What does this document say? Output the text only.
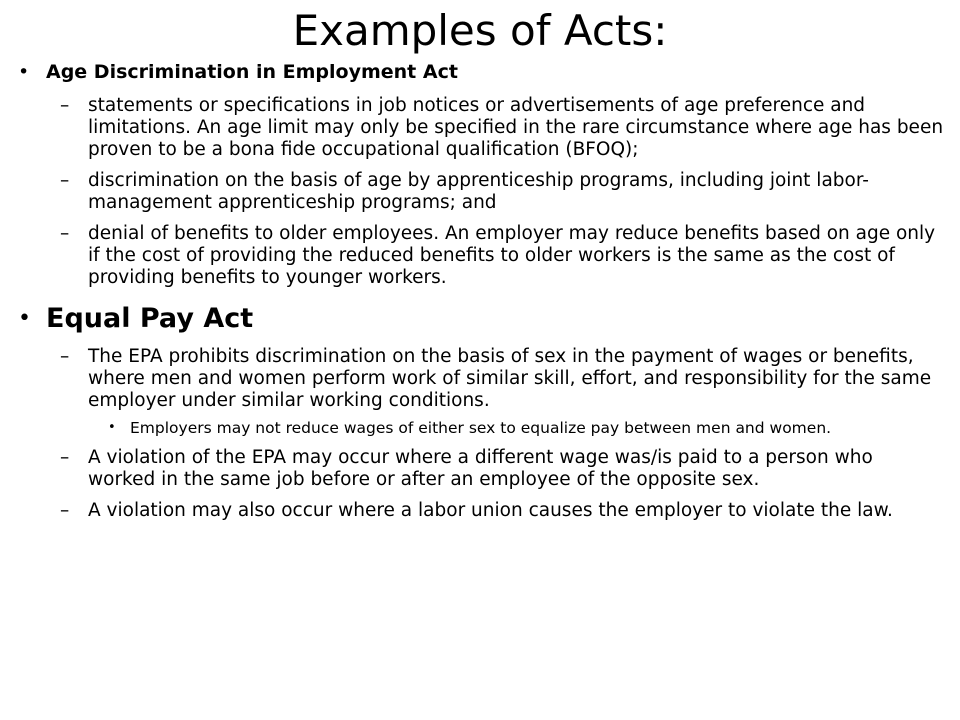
Examples of Acts:
• Age Discrimination in Employment Act
– statements or specifications in job notices or advertisements of age preference and limitations. An age limit may only be specified in the rare circumstance where age has been proven to be a bona fide occupational qualification (BFOQ);
– discrimination on the basis of age by apprenticeship programs, including joint labor-management apprenticeship programs; and
– denial of benefits to older employees. An employer may reduce benefits based on age only if the cost of providing the reduced benefits to older workers is the same as the cost of providing benefits to younger workers.
• Equal Pay Act
– The EPA prohibits discrimination on the basis of sex in the payment of wages or benefits, where men and women perform work of similar skill, effort, and responsibility for the same employer under similar working conditions.
• Employers may not reduce wages of either sex to equalize pay between men and women.
– A violation of the EPA may occur where a different wage was/is paid to a person who worked in the same job before or after an employee of the opposite sex.
– A violation may also occur where a labor union causes the employer to violate the law.
